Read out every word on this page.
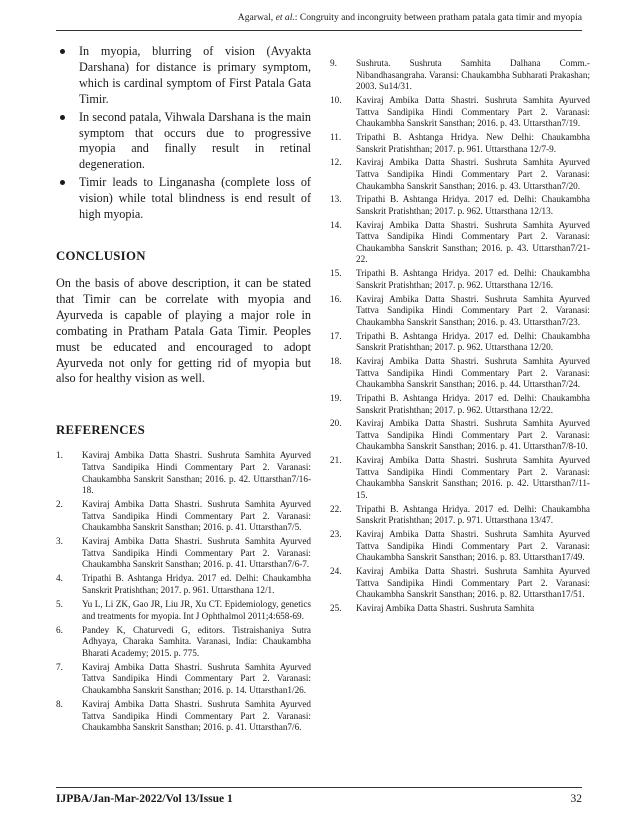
Agarwal, et al.: Congruity and incongruity between pratham patala gata timir and myopia
In myopia, blurring of vision (Avyakta Darshana) for distance is primary symptom, which is cardinal symptom of First Patala Gata Timir.
In second patala, Vihwala Darshana is the main symptom that occurs due to progressive myopia and finally result in retinal degeneration.
Timir leads to Linganasha (complete loss of vision) while total blindness is end result of high myopia.
CONCLUSION

On the basis of above description, it can be stated that Timir can be correlate with myopia and Ayurveda is capable of playing a major role in combating in Pratham Patala Gata Timir. Peoples must be educated and encouraged to adopt Ayurveda not only for getting rid of myopia but also for healthy vision as well.

REFERENCES
1. Kaviraj Ambika Datta Shastri. Sushruta Samhita Ayurved Tattva Sandipika Hindi Commentary Part 2. Varanasi: Chaukambha Sanskrit Sansthan; 2016. p. 42. Uttarsthan7/16-18.
2. Kaviraj Ambika Datta Shastri. Sushruta Samhita Ayurved Tattva Sandipika Hindi Commentary Part 2. Varanasi: Chaukambha Sanskrit Sansthan; 2016. p. 41. Uttarsthan7/5.
3. Kaviraj Ambika Datta Shastri. Sushruta Samhita Ayurved Tattva Sandipika Hindi Commentary Part 2. Varanasi: Chaukambha Sanskrit Sansthan; 2016. p. 41. Uttarsthan7/6-7.
4. Tripathi B. Ashtanga Hridya. 2017 ed. Delhi: Chaukambha Sanskrit Pratishthan; 2017. p. 961. Uttarsthana 12/1.
5. Yu L, Li ZK, Gao JR, Liu JR, Xu CT. Epidemiology, genetics and treatments for myopia. Int J Ophthalmol 2011;4:658-69.
6. Pandey K, Chaturvedi G, editors. Tistraishaniya Sutra Adhyaya, Charaka Samhita. Varanasi, India: Chaukambha Bharati Academy; 2015. p. 775.
7. Kaviraj Ambika Datta Shastri. Sushruta Samhita Ayurved Tattva Sandipika Hindi Commentary Part 2. Varanasi: Chaukambha Sanskrit Sansthan; 2016. p. 14. Uttarsthan1/26.
8. Kaviraj Ambika Datta Shastri. Sushruta Samhita Ayurved Tattva Sandipika Hindi Commentary Part 2. Varanasi: Chaukambha Sanskrit Sansthan; 2016. p. 41. Uttarsthan7/6.
9. Sushruta. Sushruta Samhita Dalhana Comm.-Nibandhasangraha. Varansi: Chaukambha Subharati Prakashan; 2003. Su14/31.
10. Kaviraj Ambika Datta Shastri. Sushruta Samhita Ayurved Tattva Sandipika Hindi Commentary Part 2. Varanasi: Chaukambha Sanskrit Sansthan; 2016. p. 43. Uttarsthan7/19.
11. Tripathi B. Ashtanga Hridya. New Delhi: Chaukambha Sanskrit Pratishthan; 2017. p. 961. Uttarsthana 12/7-9.
12. Kaviraj Ambika Datta Shastri. Sushruta Samhita Ayurved Tattva Sandipika Hindi Commentary Part 2. Varanasi: Chaukambha Sanskrit Sansthan; 2016. p. 43. Uttarsthan7/20.
13. Tripathi B. Ashtanga Hridya. 2017 ed. Delhi: Chaukambha Sanskrit Pratishthan; 2017. p. 962. Uttarsthana 12/13.
14. Kaviraj Ambika Datta Shastri. Sushruta Samhita Ayurved Tattva Sandipika Hindi Commentary Part 2. Varanasi: Chaukambha Sanskrit Sansthan; 2016. p. 43. Uttarsthan7/21-22.
15. Tripathi B. Ashtanga Hridya. 2017 ed. Delhi: Chaukambha Sanskrit Pratishthan; 2017. p. 962. Uttarsthana 12/16.
16. Kaviraj Ambika Datta Shastri. Sushruta Samhita Ayurved Tattva Sandipika Hindi Commentary Part 2. Varanasi: Chaukambha Sanskrit Sansthan; 2016. p. 43. Uttarsthan7/23.
17. Tripathi B. Ashtanga Hridya. 2017 ed. Delhi: Chaukambha Sanskrit Pratishthan; 2017. p. 962. Uttarsthana 12/20.
18. Kaviraj Ambika Datta Shastri. Sushruta Samhita Ayurved Tattva Sandipika Hindi Commentary Part 2. Varanasi: Chaukambha Sanskrit Sansthan; 2016. p. 44. Uttarsthan7/24.
19. Tripathi B. Ashtanga Hridya. 2017 ed. Delhi: Chaukambha Sanskrit Pratishthan; 2017. p. 962. Uttarsthana 12/22.
20. Kaviraj Ambika Datta Shastri. Sushruta Samhita Ayurved Tattva Sandipika Hindi Commentary Part 2. Varanasi: Chaukambha Sanskrit Sansthan; 2016. p. 41. Uttarsthan7/8-10.
21. Kaviraj Ambika Datta Shastri. Sushruta Samhita Ayurved Tattva Sandipika Hindi Commentary Part 2. Varanasi: Chaukambha Sanskrit Sansthan; 2016. p. 42. Uttarsthan7/11-15.
22. Tripathi B. Ashtanga Hridya. 2017 ed. Delhi: Chaukambha Sanskrit Pratishthan; 2017. p. 971. Uttarsthana 13/47.
23. Kaviraj Ambika Datta Shastri. Sushruta Samhita Ayurved Tattva Sandipika Hindi Commentary Part 2. Varanasi: Chaukambha Sanskrit Sansthan; 2016. p. 83. Uttarsthan17/49.
24. Kaviraj Ambika Datta Shastri. Sushruta Samhita Ayurved Tattva Sandipika Hindi Commentary Part 2. Varanasi: Chaukambha Sanskrit Sansthan; 2016. p. 82. Uttarsthan17/51.
25. Kaviraj Ambika Datta Shastri. Sushruta Samhita
IJPBA/Jan-Mar-2022/Vol 13/Issue 1	32
